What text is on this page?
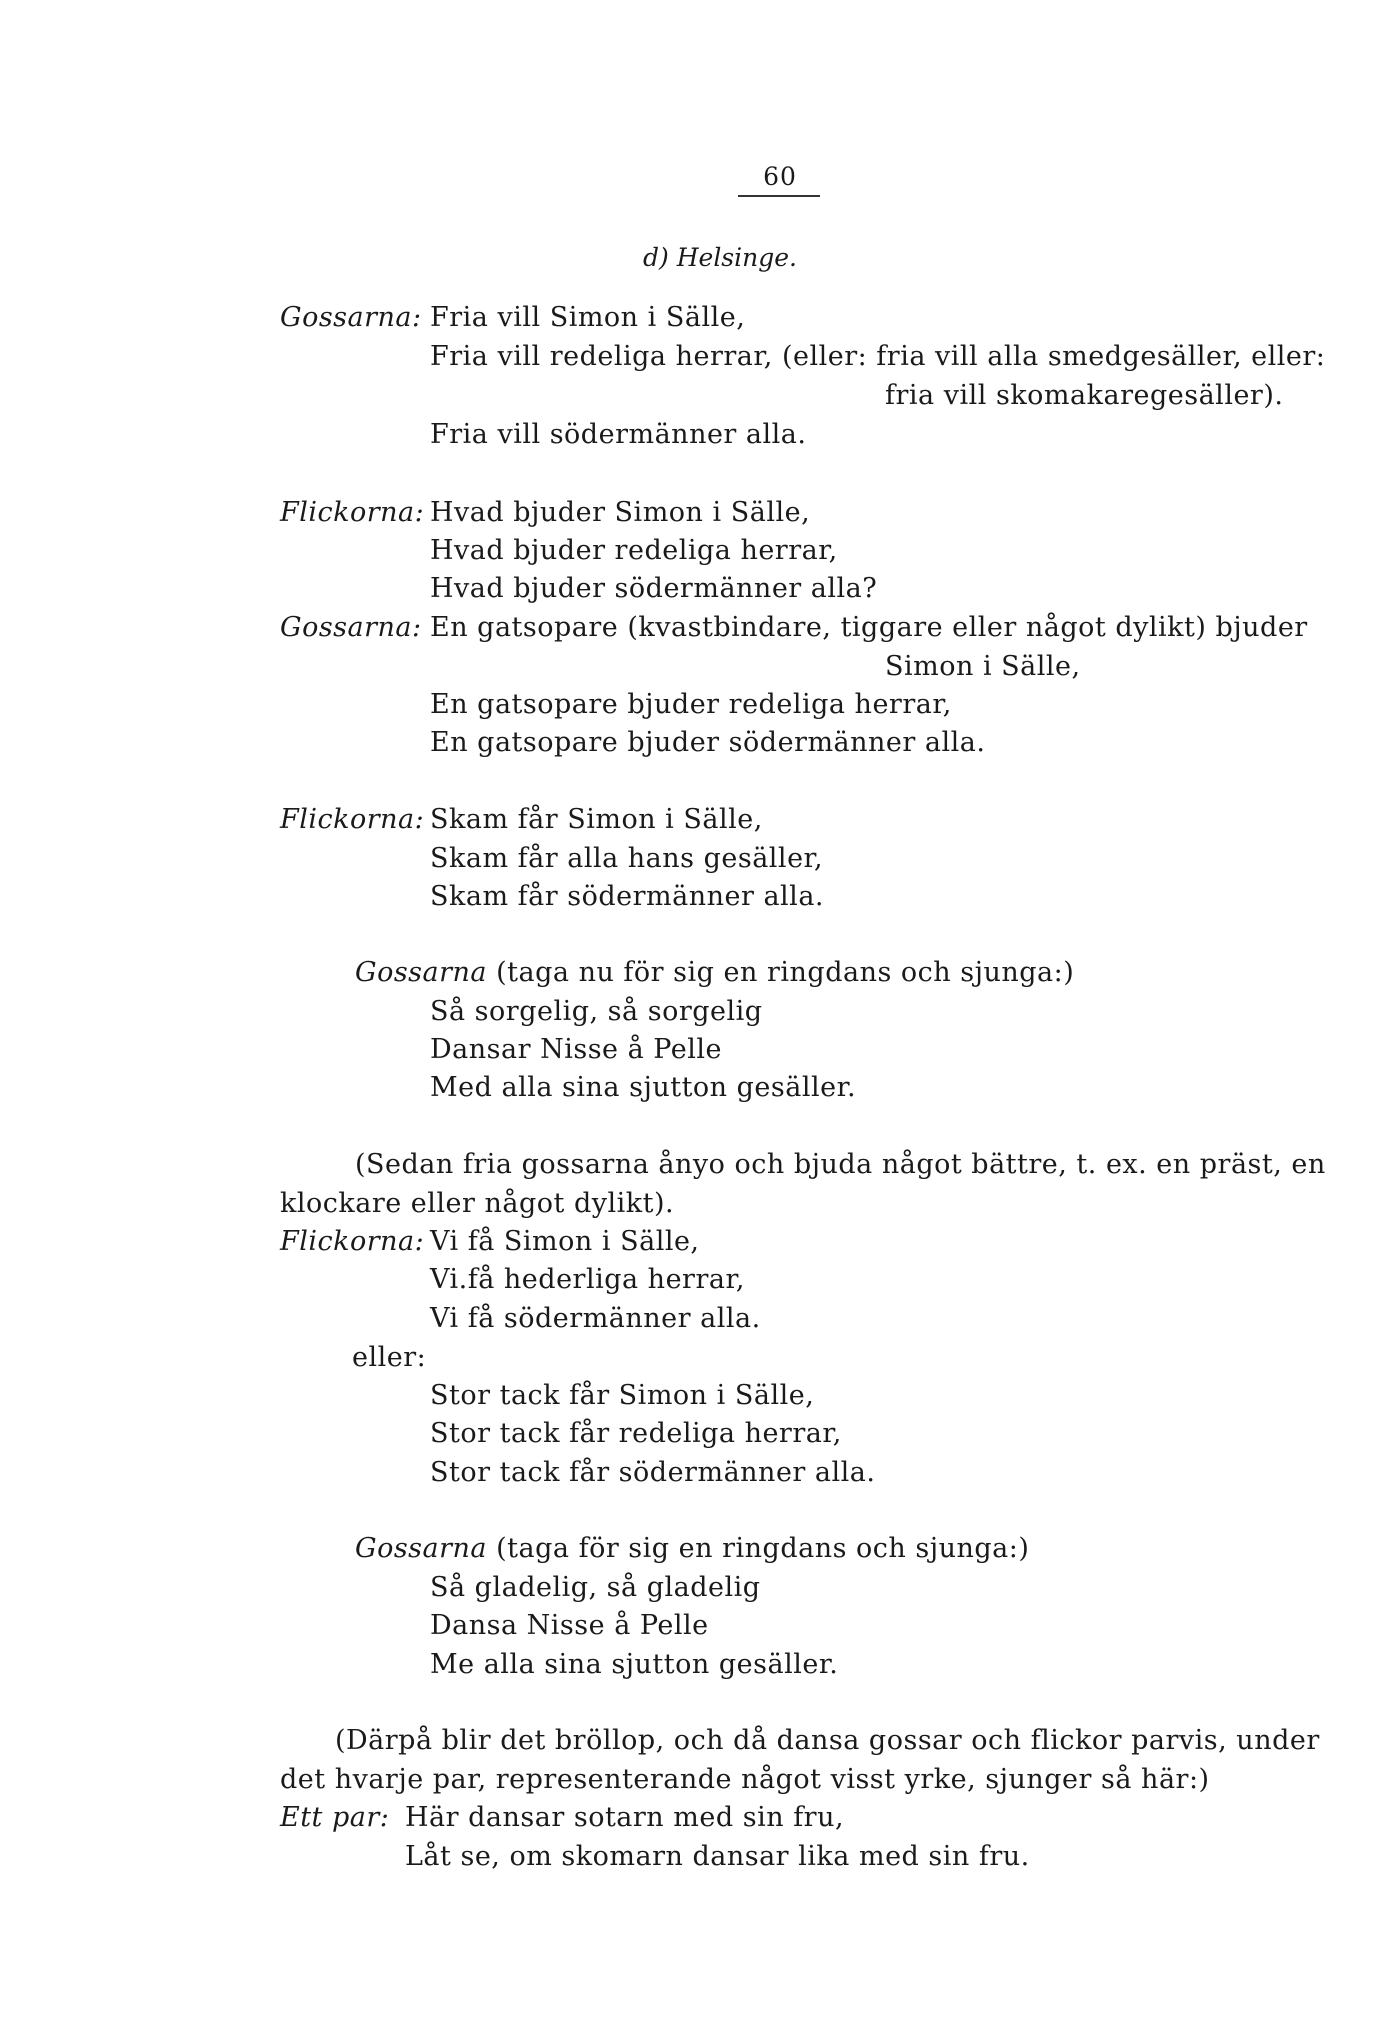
60
d) Helsinge.
Gossarna: Fria vill Simon i Sälle,
Fria vill redeliga herrar, (eller: fria vill alla smedgesäller, eller:
fria vill skomakaregesäller).
Fria vill södermänner alla.
Flickorna: Hvad bjuder Simon i Sälle,
Hvad bjuder redeliga herrar,
Hvad bjuder södermänner alla?
Gossarna: En gatsopare (kvastbindare, tiggare eller något dylikt) bjuder
Simon i Sälle,
En gatsopare bjuder redeliga herrar,
En gatsopare bjuder södermänner alla.
Flickorna: Skam får Simon i Sälle,
Skam får alla hans gesäller,
Skam får södermänner alla.
Gossarna (taga nu för sig en ringdans och sjunga:)
Så sorgelig, så sorgelig
Dansar Nisse å Pelle
Med alla sina sjutton gesäller.
(Sedan fria gossarna ånyo och bjuda något bättre, t. ex. en präst, en
klockare eller något dylikt).
Flickorna: Vi få Simon i Sälle,
Vi.få hederliga herrar,
Vi få södermänner alla.
eller:
Stor tack får Simon i Sälle,
Stor tack får redeliga herrar,
Stor tack får södermänner alla.
Gossarna (taga för sig en ringdans och sjunga:)
Så gladelig, så gladelig
Dansa Nisse å Pelle
Me alla sina sjutton gesäller.
(Därpå blir det bröllop, och då dansa gossar och flickor parvis, under
det hvarje par, representerande något visst yrke, sjunger så här:)
Ett par: Här dansar sotarn med sin fru,
Låt se, om skomarn dansar lika med sin fru.
